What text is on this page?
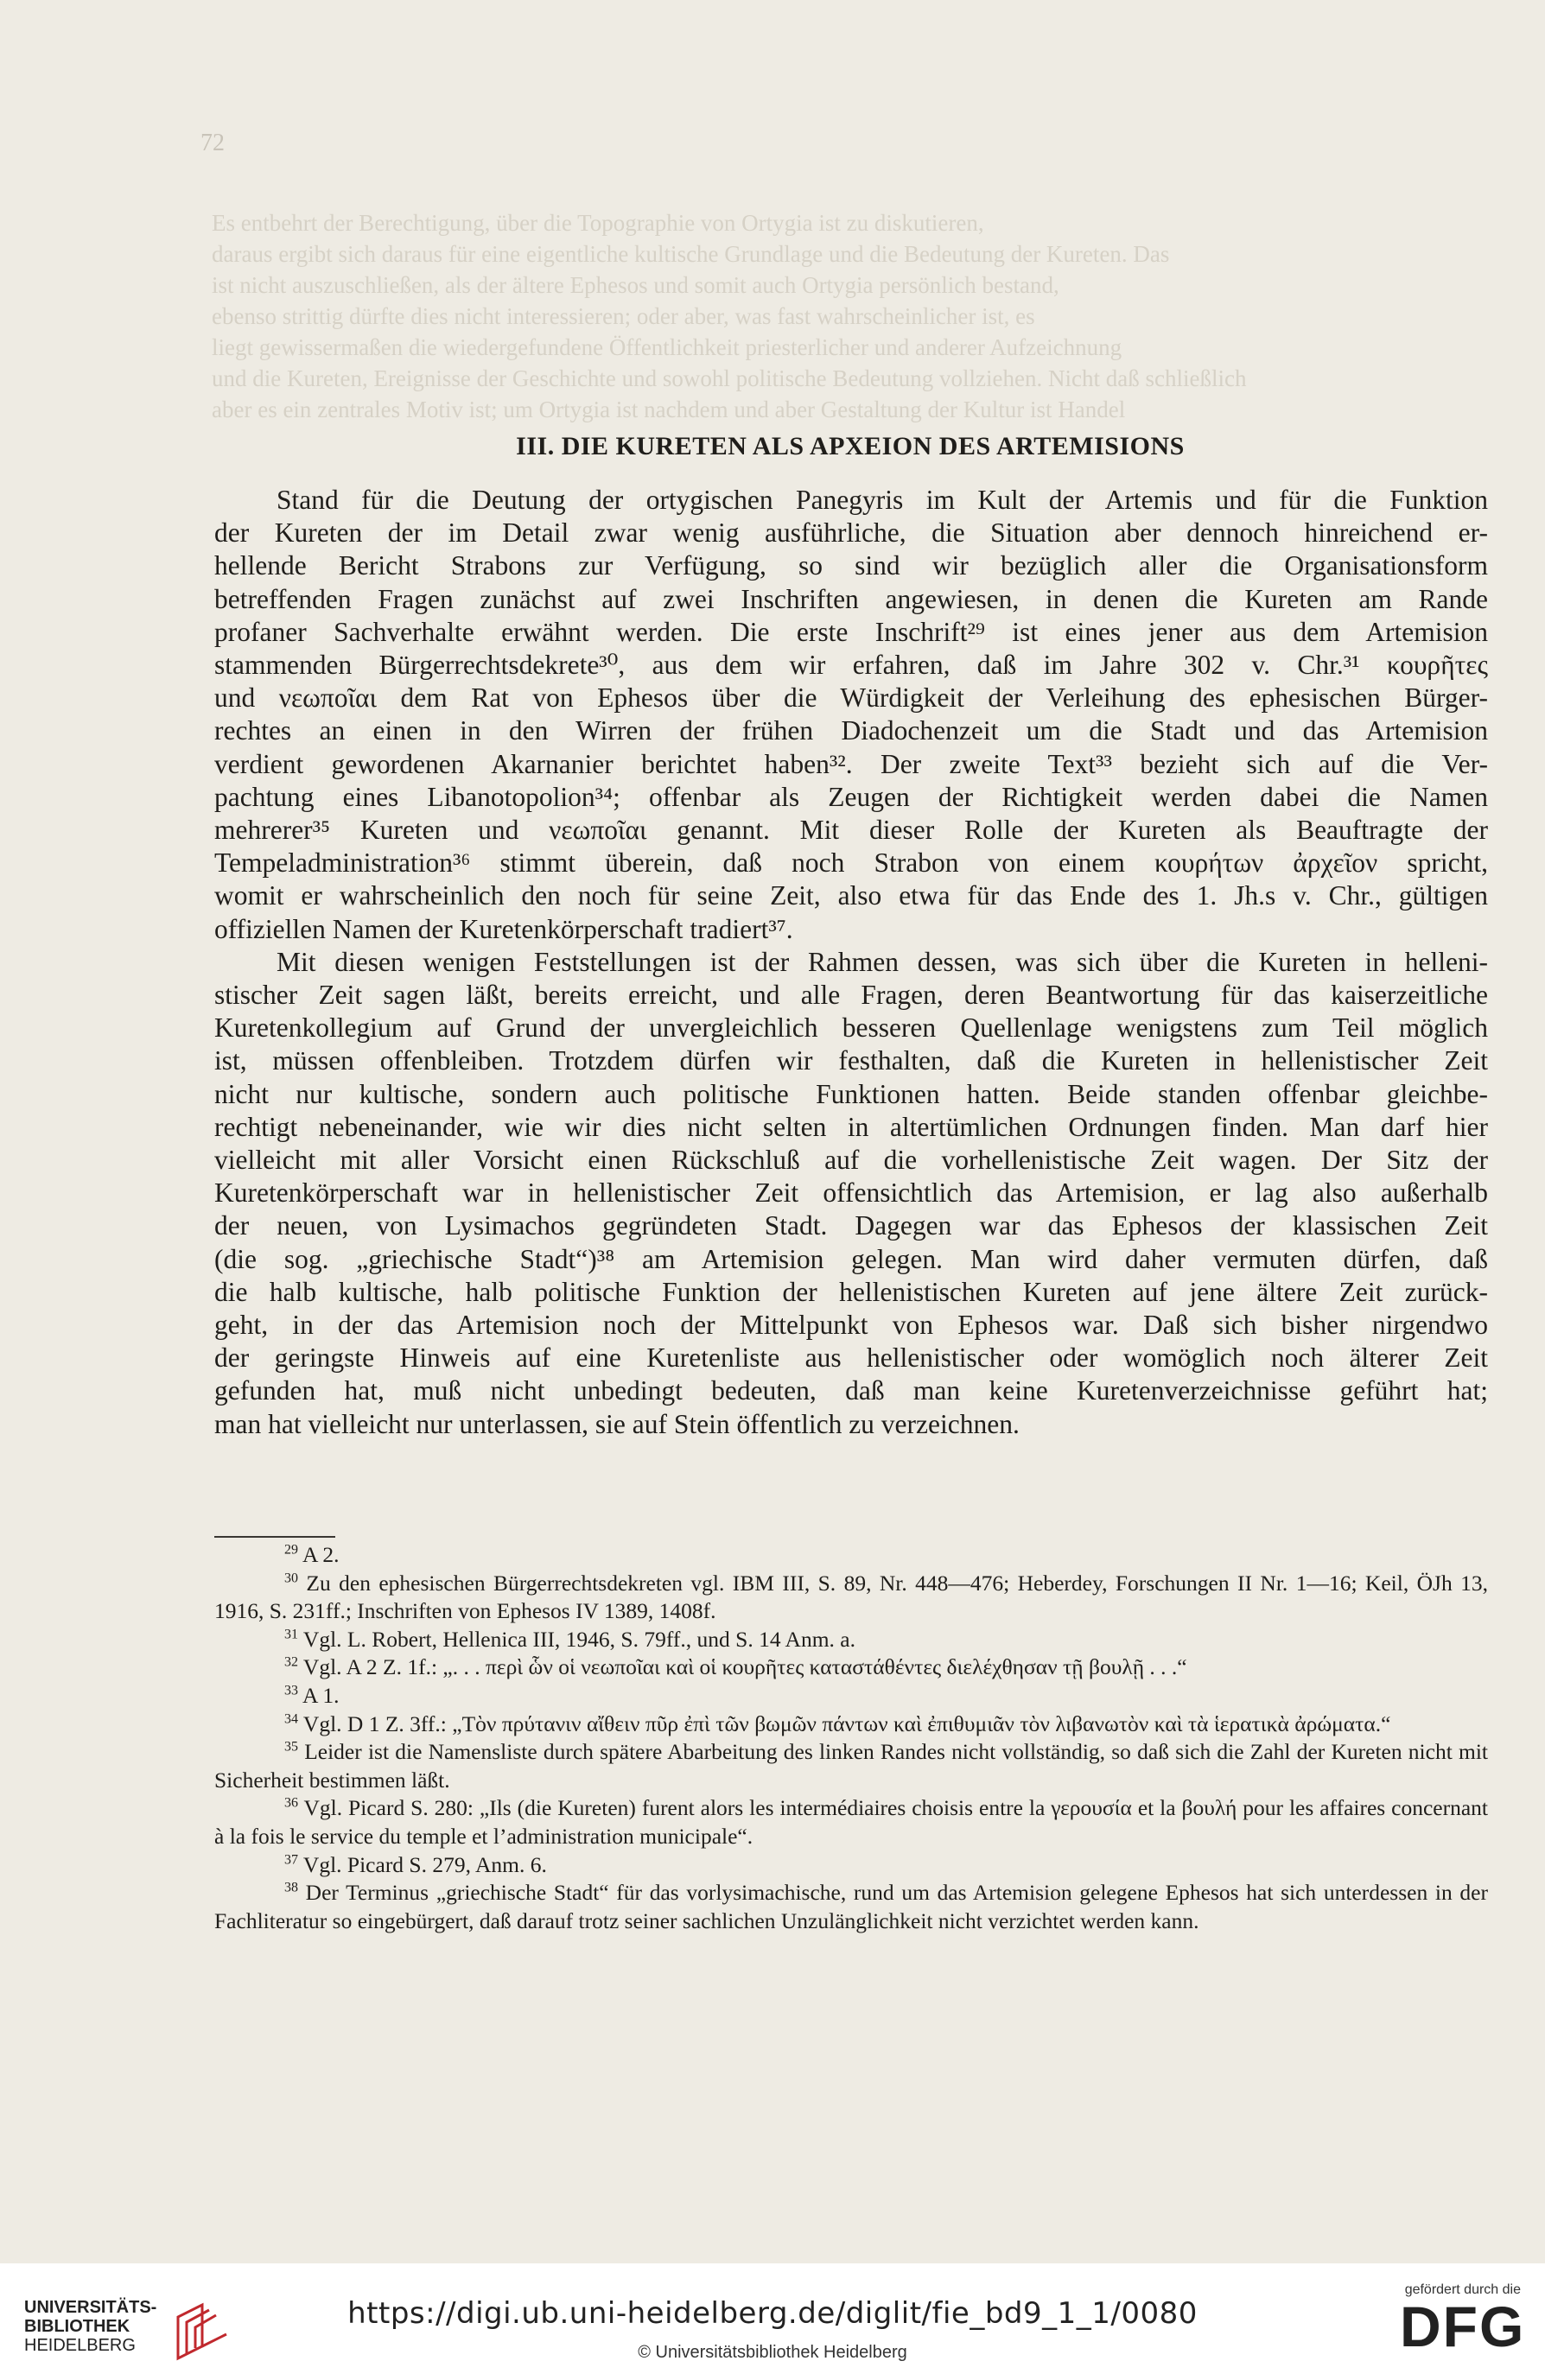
72
Es entbehrt der Berechtigung, über die Topographie von Ortygia ist zu diskutieren,
daraus ergibt sich daraus für eine eigentliche kultische Grundlage und die Bedeutung der Kureten. Das
ist nicht auszuschließen, als der ältere Ephesos und somit auch Ortygia persönlich bestand,
ebenso strittig dürfte dies nicht interessieren; oder aber, was fast wahrscheinlicher ist, es
liegt gewissermaßen die wiedergefundene Öffentlichkeit priesterlicher und anderer Aufzeichnung
und die Kureten, Ereignisse der Geschichte und sowohl politische Bedeutung vollziehen. Nicht daß schließlich
aber es ein zentrales Motiv ist; um Ortygia ist nachdem und aber Gestaltung der Kultur ist Handel
III. DIE KURETEN ALS APXEION DES ARTEMISIONS
Stand für die Deutung der ortygischen Panegyris im Kult der Artemis und für die Funktion
der Kureten der im Detail zwar wenig ausführliche, die Situation aber dennoch hinreichend er-
hellende Bericht Strabons zur Verfügung, so sind wir bezüglich aller die Organisationsform
betreffenden Fragen zunächst auf zwei Inschriften angewiesen, in denen die Kureten am Rande
profaner Sachverhalte erwähnt werden. Die erste Inschrift²⁹ ist eines jener aus dem Artemision
stammenden Bürgerrechtsdekrete³⁰, aus dem wir erfahren, daß im Jahre 302 v. Chr.³¹ κουρῆτες
und νεωποῖαι dem Rat von Ephesos über die Würdigkeit der Verleihung des ephesischen Bürger-
rechtes an einen in den Wirren der frühen Diadochenzeit um die Stadt und das Artemision
verdient gewordenen Akarnanier berichtet haben³². Der zweite Text³³ bezieht sich auf die Ver-
pachtung eines Libanotopolion³⁴; offenbar als Zeugen der Richtigkeit werden dabei die Namen
mehrerer³⁵ Kureten und νεωποῖαι genannt. Mit dieser Rolle der Kureten als Beauftragte der
Tempeladministration³⁶ stimmt überein, daß noch Strabon von einem κουρήτων ἀρχεῖον spricht,
womit er wahrscheinlich den noch für seine Zeit, also etwa für das Ende des 1. Jh.s v. Chr., gültigen
offiziellen Namen der Kuretenkörperschaft tradiert³⁷.
Mit diesen wenigen Feststellungen ist der Rahmen dessen, was sich über die Kureten in helleni-
stischer Zeit sagen läßt, bereits erreicht, und alle Fragen, deren Beantwortung für das kaiserzeitliche
Kuretenkollegium auf Grund der unvergleichlich besseren Quellenlage wenigstens zum Teil möglich
ist, müssen offenbleiben. Trotzdem dürfen wir festhalten, daß die Kureten in hellenistischer Zeit
nicht nur kultische, sondern auch politische Funktionen hatten. Beide standen offenbar gleichbe-
rechtigt nebeneinander, wie wir dies nicht selten in altertümlichen Ordnungen finden. Man darf hier
vielleicht mit aller Vorsicht einen Rückschluß auf die vorhellenistische Zeit wagen. Der Sitz der
Kuretenkörperschaft war in hellenistischer Zeit offensichtlich das Artemision, er lag also außerhalb
der neuen, von Lysimachos gegründeten Stadt. Dagegen war das Ephesos der klassischen Zeit
(die sog. „griechische Stadt“)³⁸ am Artemision gelegen. Man wird daher vermuten dürfen, daß
die halb kultische, halb politische Funktion der hellenistischen Kureten auf jene ältere Zeit zurück-
geht, in der das Artemision noch der Mittelpunkt von Ephesos war. Daß sich bisher nirgendwo
der geringste Hinweis auf eine Kuretenliste aus hellenistischer oder womöglich noch älterer Zeit
gefunden hat, muß nicht unbedingt bedeuten, daß man keine Kuretenverzeichnisse geführt hat;
man hat vielleicht nur unterlassen, sie auf Stein öffentlich zu verzeichnen.
$^{29}$ A 2.
$^{30}$ Zu den ephesischen Bürgerrechtsdekreten vgl. IBM III, S. 89, Nr. 448—476; Heberdey, Forschungen II Nr. 1—16; Keil, ÖJh 13, 1916, S. 231ff.; Inschriften von Ephesos IV 1389, 1408f.
$^{31}$ Vgl. L. Robert, Hellenica III, 1946, S. 79ff., und S. 14 Anm. a.
$^{32}$ Vgl. A 2 Z. 1f.: „. . . περὶ ὧν οἱ νεωποῖαι καὶ οἱ κουρῆτες καταστάθέντες διελέχθησαν τῇ βουλῇ . . .“
$^{33}$ A 1.
$^{34}$ Vgl. D 1 Z. 3ff.: „Τὸν πρύτανιν αἴθειν πῦρ ἐπὶ τῶν βωμῶν πάντων καὶ ἐπιθυμιᾶν τὸν λιβανωτὸν καὶ τὰ ἱερατικὰ ἀρώματα.“
$^{35}$ Leider ist die Namensliste durch spätere Abarbeitung des linken Randes nicht vollständig, so daß sich die Zahl der Kureten nicht mit Sicherheit bestimmen läßt.
$^{36}$ Vgl. Picard S. 280: „Ils (die Kureten) furent alors les intermédiaires choisis entre la γερουσία et la βουλή pour les affaires concernant à la fois le service du temple et l’administration municipale“.
$^{37}$ Vgl. Picard S. 279, Anm. 6.
$^{38}$ Der Terminus „griechische Stadt“ für das vorlysimachische, rund um das Artemision gelegene Ephesos hat sich unterdessen in der Fachliteratur so eingebürgert, daß darauf trotz seiner sachlichen Unzulänglichkeit nicht verzichtet werden kann.
UNIVERSITÄTS-
BIBLIOTHEK
HEIDELBERG
https://digi.ub.uni-heidelberg.de/diglit/fie_bd9_1_1/0080
© Universitätsbibliothek Heidelberg
gefördert durch die
DFG
